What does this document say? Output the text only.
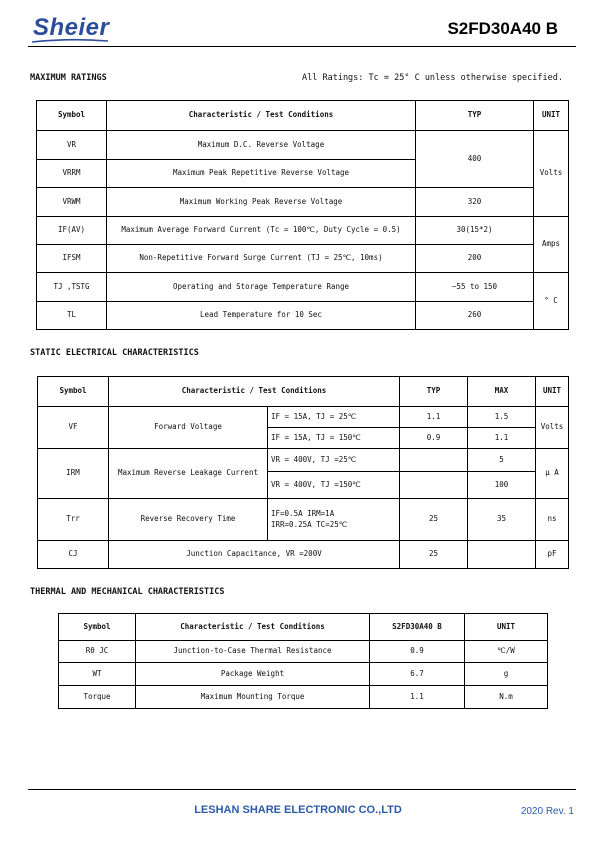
Sheier	S2FD30A40 B
MAXIMUM RATINGS	All Ratings: Tc = 25° C unless otherwise specified.
Symbol	Characteristic / Test Conditions	TYP	UNIT
VR	Maximum D.C. Reverse Voltage	400	Volts
VRRM	Maximum Peak Repetitive Reverse Voltage		
VRWM	Maximum Working Peak Reverse Voltage	320	
IF(AV)	Maximum Average Forward Current (Tc = 100℃, Duty Cycle = 0.5)	30(15*2)	Amps
IFSM	Non-Repetitive Forward Surge Current (TJ = 25℃, 10ms)	200	
TJ ,TSTG	Operating and Storage Temperature Range	−55 to 150	° C
TL	Lead Temperature for 10 Sec	260	
STATIC ELECTRICAL CHARACTERISTICS
Symbol	Characteristic / Test Conditions		TYP	MAX	UNIT
VF	Forward Voltage	IF = 15A, TJ = 25℃	1.1	1.5	Volts
		IF = 15A, TJ = 150℃	0.9	1.1	
IRM	Maximum Reverse Leakage Current	VR = 400V, TJ =25℃		5	μ A
		VR = 400V, TJ =150℃		100	
Trr	Reverse Recovery Time	IF=0.5A IRM=1A
IRR=0.25A TC=25℃	25	35	ns
CJ	Junction Capacitance, VR =200V		25		pF
THERMAL AND MECHANICAL CHARACTERISTICS
Symbol	Characteristic / Test Conditions	S2FD30A40 B	UNIT
Rθ JC	Junction-to-Case Thermal Resistance	0.9	℃/W
WT	Package Weight	6.7	g
Torque	Maximum Mounting Torque	1.1	N.m
LESHAN SHARE ELECTRONIC CO.,LTD	2020 Rev. 1
